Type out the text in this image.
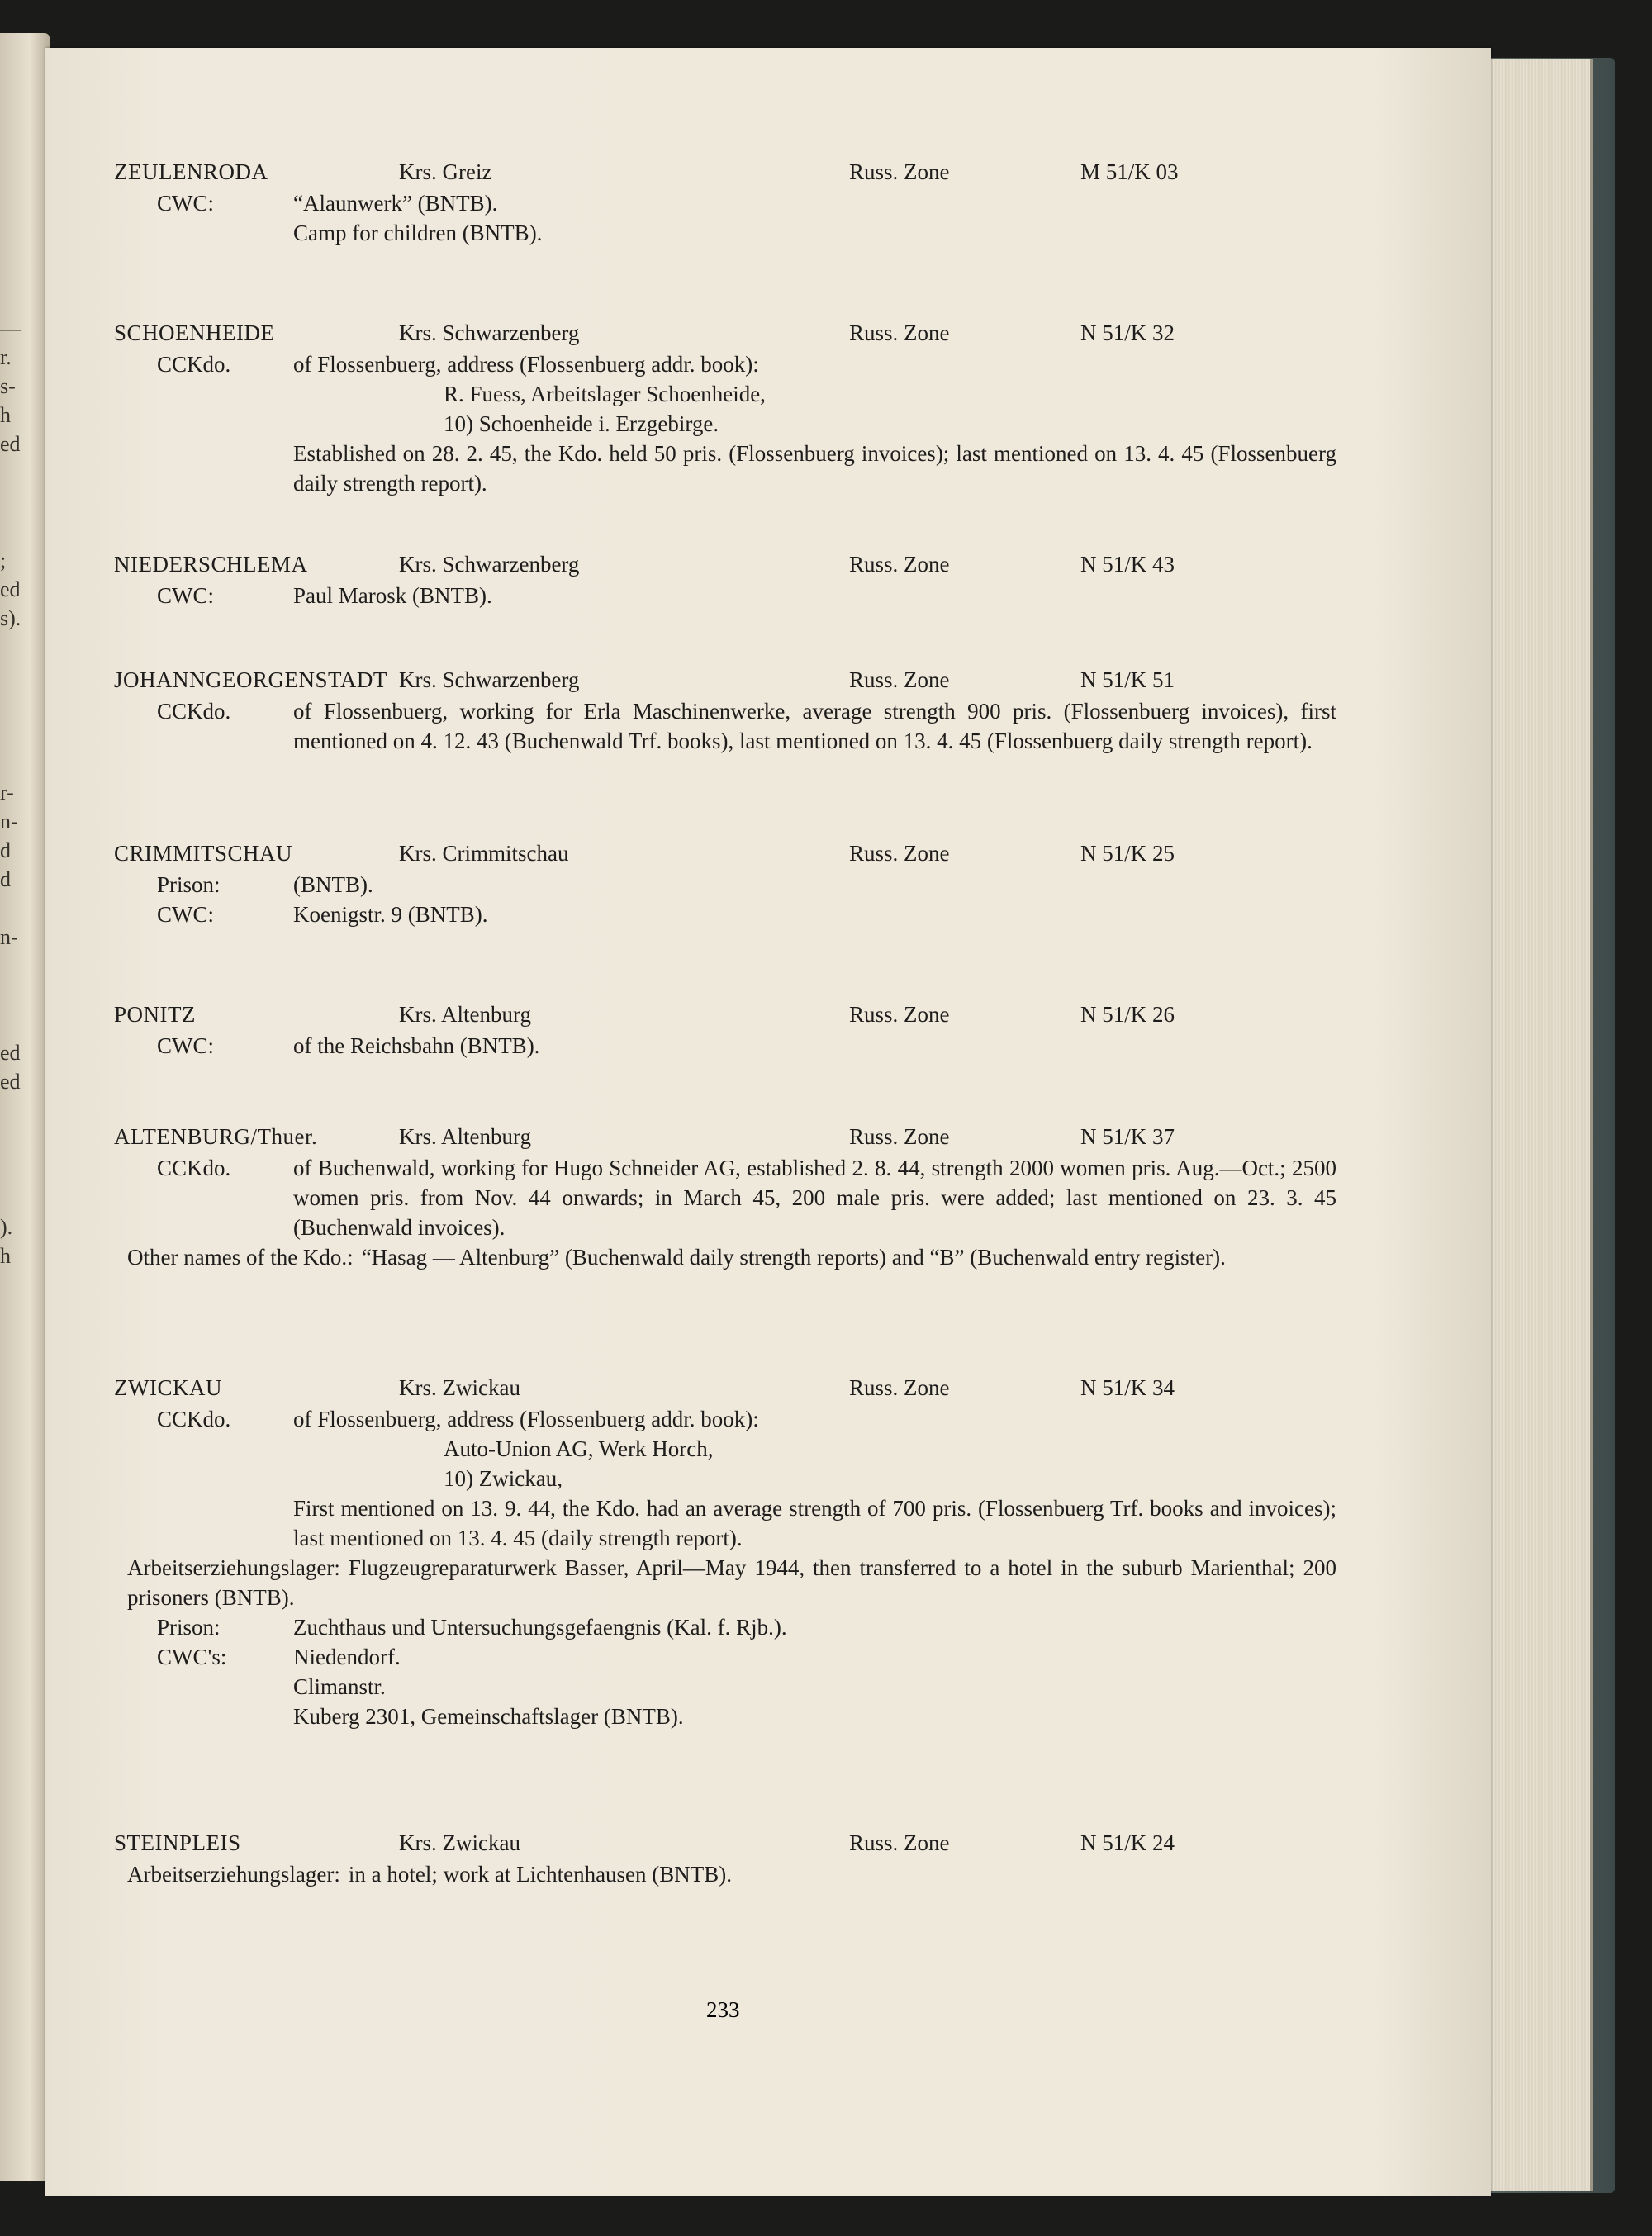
—
r.
s-
h
ed

;
ed
s).

r-
n-
d
d

n-

ed
ed

).
h
ZEULENRODA	Krs. Greiz	Russ. Zone	M 51/K 03
CWC:	“Alaunwerk” (BNTB).
Camp for children (BNTB).
SCHOENHEIDE	Krs. Schwarzenberg	Russ. Zone	N 51/K 32
CCKdo.	of Flossenbuerg, address (Flossenbuerg addr. book):
R. Fuess, Arbeitslager Schoenheide,
10) Schoenheide i. Erzgebirge.
Established on 28. 2. 45, the Kdo. held 50 pris. (Flossenbuerg invoices); last mentioned on 13. 4. 45 (Flossenbuerg daily strength report).
NIEDERSCHLEMA	Krs. Schwarzenberg	Russ. Zone	N 51/K 43
CWC:	Paul Marosk (BNTB).
JOHANNGEORGENSTADT Krs. Schwarzenberg	Russ. Zone	N 51/K 51
CCKdo.	of Flossenbuerg, working for Erla Maschinenwerke, average strength 900 pris. (Flossenbuerg invoices), first mentioned on 4. 12. 43 (Buchenwald Trf. books), last mentioned on 13. 4. 45 (Flossenbuerg daily strength report).
CRIMMITSCHAU	Krs. Crimmitschau	Russ. Zone	N 51/K 25
Prison:	(BNTB).
CWC:	Koenigstr. 9 (BNTB).
PONITZ	Krs. Altenburg	Russ. Zone	N 51/K 26
CWC:	of the Reichsbahn (BNTB).
ALTENBURG/Thuer.	Krs. Altenburg	Russ. Zone	N 51/K 37
CCKdo.	of Buchenwald, working for Hugo Schneider AG, established 2. 8. 44, strength 2000 women pris. Aug.—Oct.; 2500 women pris. from Nov. 44 onwards; in March 45, 200 male pris. were added; last mentioned on 23. 3. 45 (Buchenwald invoices).
Other names of the Kdo.: “Hasag — Altenburg” (Buchenwald daily strength reports) and “B” (Buchenwald entry register).
ZWICKAU	Krs. Zwickau	Russ. Zone	N 51/K 34
CCKdo.	of Flossenbuerg, address (Flossenbuerg addr. book):
Auto-Union AG, Werk Horch,
10) Zwickau,
First mentioned on 13. 9. 44, the Kdo. had an average strength of 700 pris. (Flossenbuerg Trf. books and invoices); last mentioned on 13. 4. 45 (daily strength report).
Arbeitserziehungslager: Flugzeugreparaturwerk Basser, April—May 1944, then transferred to a hotel in the suburb Marienthal; 200 prisoners (BNTB).
Prison:	Zuchthaus und Untersuchungsgefaengnis (Kal. f. Rjb.).
CWC's:	Niedendorf.
Climanstr.
Kuberg 2301, Gemeinschaftslager (BNTB).
STEINPLEIS	Krs. Zwickau	Russ. Zone	N 51/K 24
Arbeitserziehungslager: in a hotel; work at Lichtenhausen (BNTB).
233
